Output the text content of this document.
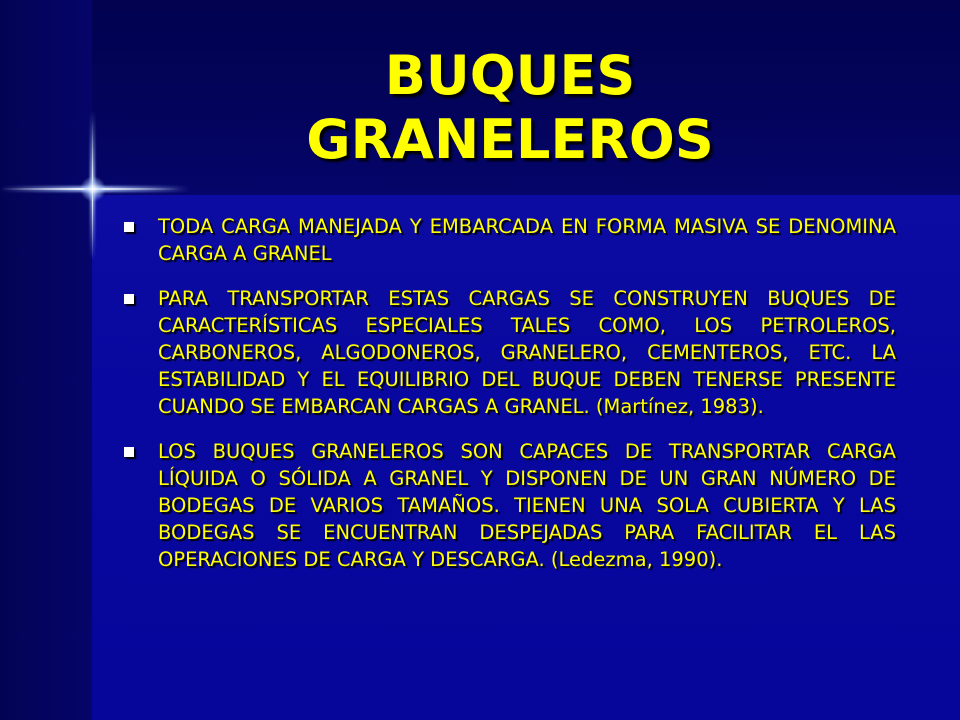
BUQUES
GRANELEROS
TODA CARGA MANEJADA Y EMBARCADA EN FORMA MASIVA SE DENOMINA CARGA A GRANEL
PARA TRANSPORTAR ESTAS CARGAS SE CONSTRUYEN BUQUES DE CARACTERÍSTICAS ESPECIALES TALES COMO, LOS PETROLEROS, CARBONEROS, ALGODONEROS, GRANELERO, CEMENTEROS, ETC. LA ESTABILIDAD Y EL EQUILIBRIO DEL BUQUE DEBEN TENERSE PRESENTE CUANDO SE EMBARCAN CARGAS A GRANEL. (Martínez, 1983).
LOS BUQUES GRANELEROS SON CAPACES DE TRANSPORTAR CARGA LÍQUIDA O SÓLIDA A GRANEL Y DISPONEN DE UN GRAN NÚMERO DE BODEGAS DE VARIOS TAMAÑOS. TIENEN UNA SOLA CUBIERTA Y LAS BODEGAS SE ENCUENTRAN DESPEJADAS PARA FACILITAR EL LAS OPERACIONES DE CARGA Y DESCARGA. (Ledezma, 1990).
